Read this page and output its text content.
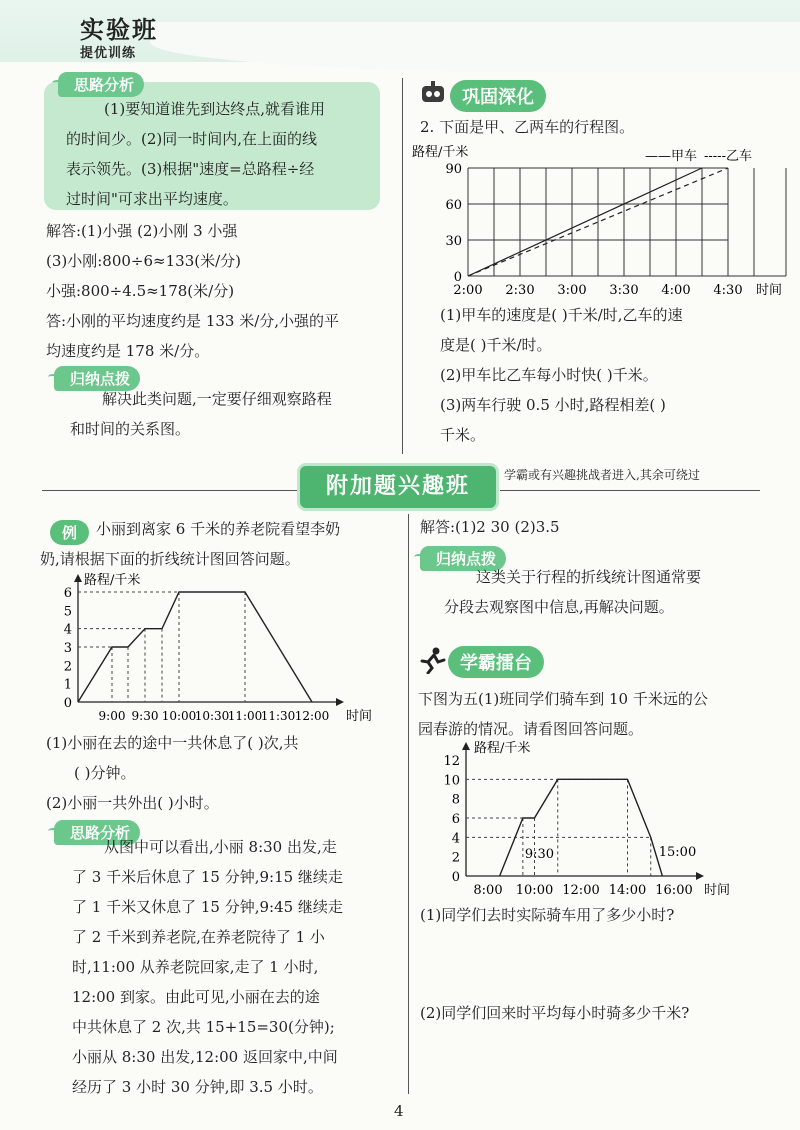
实验班
提优训练
思路分析
(1)要知道谁先到达终点,就看谁用
的时间少。(2)同一时间内,在上面的线
表示领先。(3)根据"速度=总路程÷经
过时间"可求出平均速度。
解答:(1)小强 (2)小刚 3 小强
(3)小刚:800÷6≈133(米/分)
小强:800÷4.5≈178(米/分)
答:小刚的平均速度约是 133 米/分,小强的平
均速度约是 178 米/分。
归纳点拨
解决此类问题,一定要仔细观察路程
和时间的关系图。
巩固深化
2. 下面是甲、乙两车的行程图。
路程/千米	——甲车 -----乙车
0
30
60
90
2:00 2:30 3:00 3:30 4:00 4:30 时间
(1)甲车的速度是( )千米/时,乙车的速
度是( )千米/时。
(2)甲车比乙车每小时快( )千米。
(3)两车行驶 0.5 小时,路程相差( )
千米。
附加题兴趣班	学霸或有兴趣挑战者进入,其余可绕过
例	小丽到离家 6 千米的养老院看望李奶
奶,请根据下面的折线统计图回答问题。
路程/千米
0
1
2
3
4
5
6
9:00 9:30 10:00
10:30
11:00
11:30 12:00 时间
(1)小丽在去的途中一共休息了( )次,共
( )分钟。
(2)小丽一共外出( )小时。
思路分析
从图中可以看出,小丽 8:30 出发,走
了 3 千米后休息了 15 分钟,9:15 继续走
了 1 千米又休息了 15 分钟,9:45 继续走
了 2 千米到养老院,在养老院待了 1 小
时,11:00 从养老院回家,走了 1 小时,
12:00 到家。由此可见,小丽在去的途
中共休息了 2 次,共 15+15=30(分钟);
小丽从 8:30 出发,12:00 返回家中,中间
经历了 3 小时 30 分钟,即 3.5 小时。
解答:(1)2 30 (2)3.5
归纳点拨
这类关于行程的折线统计图通常要
分段去观察图中信息,再解决问题。
学霸擂台
下图为五(1)班同学们骑车到 10 千米远的公
园春游的情况。请看图回答问题。
路程/千米
0
2
4
6
8
10
12
8:00 10:00 12:00 14:00 16:00 时间
9:30	15:00
(1)同学们去时实际骑车用了多少小时?
(2)同学们回来时平均每小时骑多少千米?
4
